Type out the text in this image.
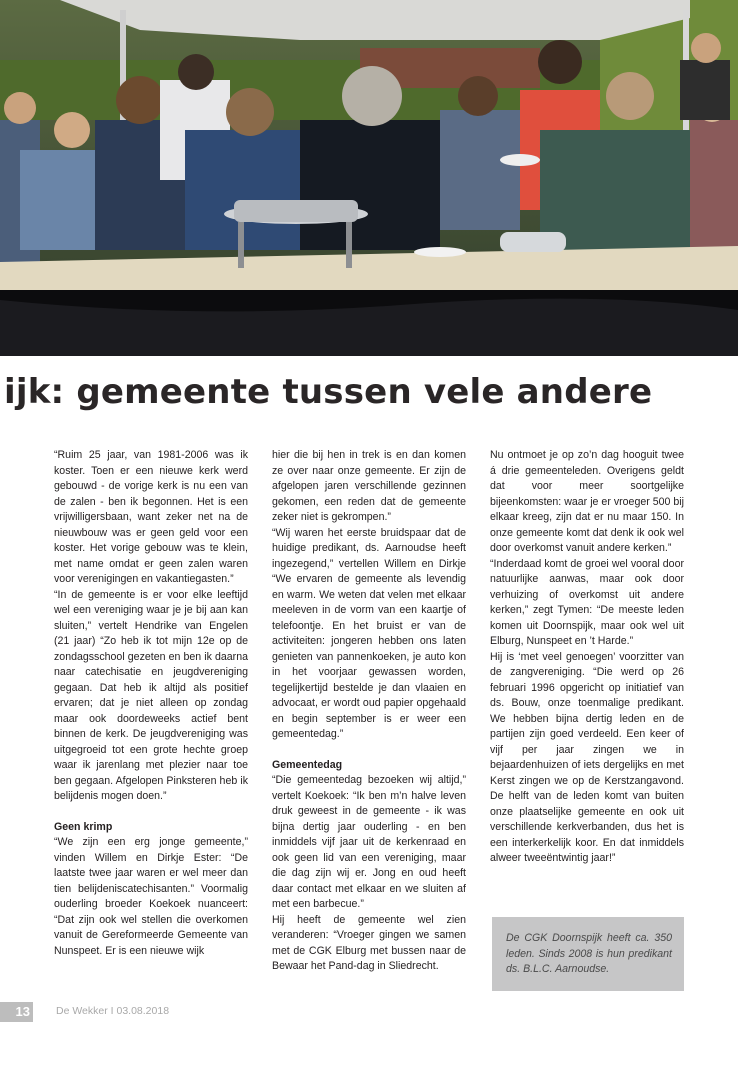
ijk: gemeente tussen vele andere

“Ruim 25 jaar, van 1981-2006 was ik koster. Toen er een nieuwe kerk werd gebouwd - de vorige kerk is nu een van de zalen - ben ik begonnen. Het is een vrijwilligersbaan, want zeker net na de nieuwbouw was er geen geld voor een koster. Het vorige gebouw was te klein, met name omdat er geen zalen waren voor verenigingen en vakantiegasten.”

“In de gemeente is er voor elke leeftijd wel een vereniging waar je je bij aan kan sluiten,” vertelt Hendrike van Engelen (21 jaar) “Zo heb ik tot mijn 12e op de zondagsschool gezeten en ben ik daarna naar catechisatie en jeugdvereniging gegaan. Dat heb ik altijd als positief ervaren; dat je niet alleen op zondag maar ook doordeweeks actief bent binnen de kerk. De jeugdvereniging was uitgegroeid tot een grote hechte groep waar ik jarenlang met plezier naar toe ben gegaan. Afgelopen Pinksteren heb ik belijdenis mogen doen.”

Geen krimp

“We zijn een erg jonge gemeente,” vinden Willem en Dirkje Ester: “De laatste twee jaar waren er wel meer dan tien belijdeniscatechisanten.” Voormalig ouderling broeder Koekoek nuanceert: “Dat zijn ook wel stellen die overkomen vanuit de Gereformeerde Gemeente van Nunspeet. Er is een nieuwe wijk

hier die bij hen in trek is en dan komen ze over naar onze gemeente. Er zijn de afgelopen jaren verschillende gezinnen gekomen, een reden dat de gemeente zeker niet is gekrompen.”

“Wij waren het eerste bruidspaar dat de huidige predikant, ds. Aarnoudse heeft ingezegend,” vertellen Willem en Dirkje “We ervaren de gemeente als levendig en warm. We weten dat velen met elkaar meeleven in de vorm van een kaartje of telefoontje. En het bruist er van de activiteiten: jongeren hebben ons laten genieten van pannenkoeken, je auto kon in het voorjaar gewassen worden, tegelijkertijd bestelde je dan vlaaien en advocaat, er wordt oud papier opgehaald en begin september is er weer een gemeentedag.”

Gemeentedag

“Die gemeentedag bezoeken wij altijd,” vertelt Koekoek: “Ik ben m’n halve leven druk geweest in de gemeente - ik was bijna dertig jaar ouderling - en ben inmiddels vijf jaar uit de kerkenraad en ook geen lid van een vereniging, maar die dag zijn wij er. Jong en oud heeft daar contact met elkaar en we sluiten af met een barbecue.”

Hij heeft de gemeente wel zien veranderen: “Vroeger gingen we samen met de CGK Elburg met bussen naar de Bewaar het Pand-dag in Sliedrecht.

Nu ontmoet je op zo’n dag hooguit twee á drie gemeenteleden. Overigens geldt dat voor meer soortgelijke bijeenkomsten: waar je er vroeger 500 bij elkaar kreeg, zijn dat er nu maar 150. In onze gemeente komt dat denk ik ook wel door overkomst vanuit andere kerken.”

“Inderdaad komt de groei wel vooral door natuurlijke aanwas, maar ook door verhuizing of overkomst uit andere kerken,” zegt Tymen: “De meeste leden komen uit Doornspijk, maar ook wel uit Elburg, Nunspeet en ’t Harde.”

Hij is ‘met veel genoegen’ voorzitter van de zangvereniging. “Die werd op 26 februari 1996 opgericht op initiatief van ds. Bouw, onze toenmalige predikant. We hebben bijna dertig leden en de partijen zijn goed verdeeld. Een keer of vijf per jaar zingen we in bejaardenhuizen of iets dergelijks en met Kerst zingen we op de Kerstzangavond. De helft van de leden komt van buiten onze plaatselijke gemeente en ook uit verschillende kerkverbanden, dus het is een interkerkelijk koor. En dat inmiddels alweer tweeëntwintig jaar!”

De CGK Doornspijk heeft ca. 350 leden. Sinds 2008 is hun predikant ds. B.L.C. Aarnoudse.

13 De Wekker I 03.08.2018
